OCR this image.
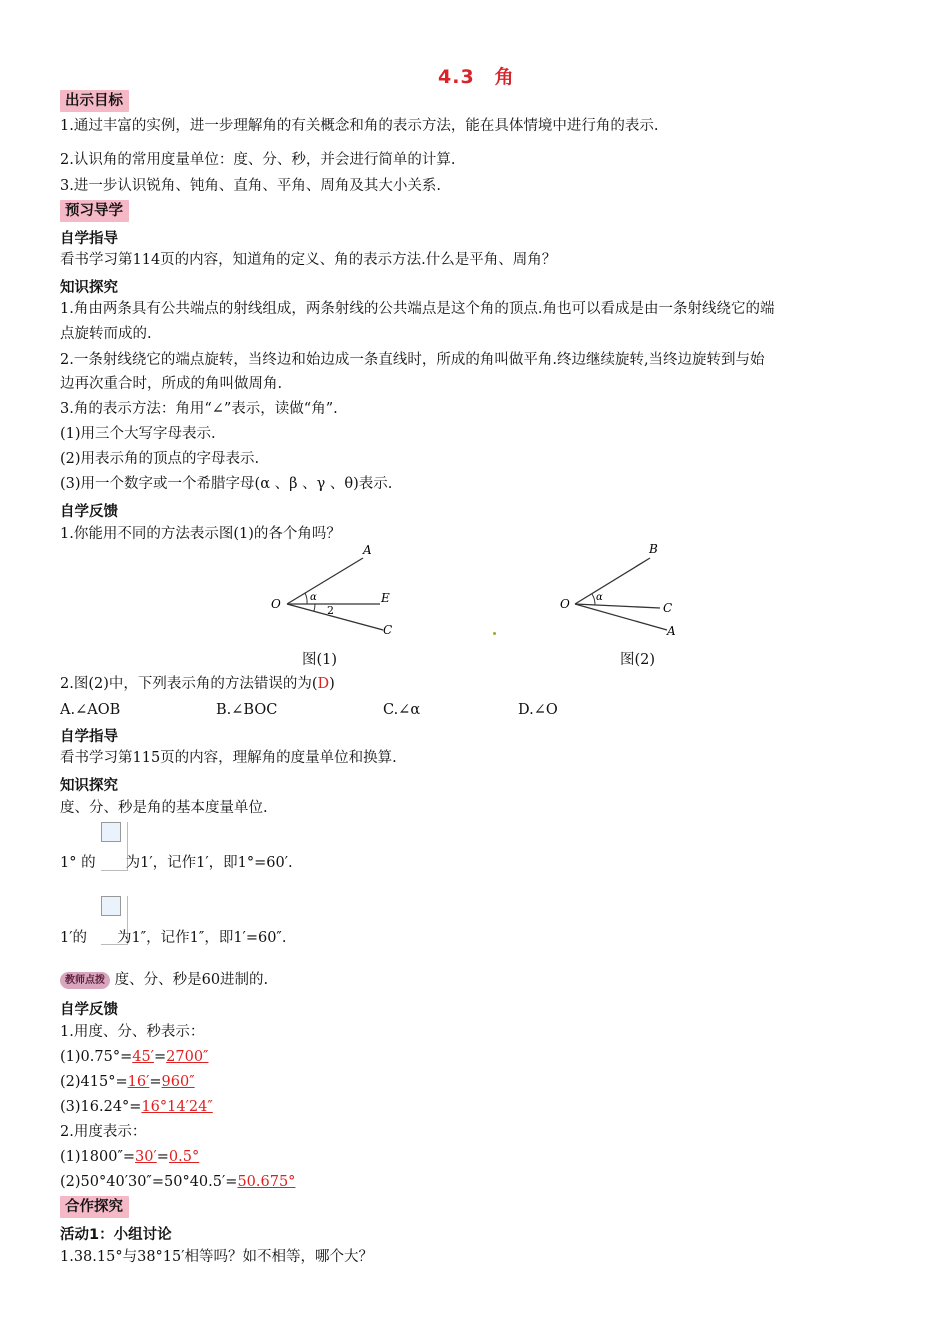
4.3　角
出示目标
1.通过丰富的实例，进一步理解角的有关概念和角的表示方法，能在具体情境中进行角的表示.
2.认识角的常用度量单位：度、分、秒，并会进行简单的计算.
3.进一步认识锐角、钝角、直角、平角、周角及其大小关系.
预习导学
自学指导
看书学习第114页的内容，知道角的定义、角的表示方法.什么是平角、周角？
知识探究
1.角由两条具有公共端点的射线组成，两条射线的公共端点是这个角的顶点.角也可以看成是由一条射线绕它的端
点旋转而成的.
2.一条射线绕它的端点旋转，当终边和始边成一条直线时，所成的角叫做平角.终边继续旋转,当终边旋转到与始
边再次重合时，所成的角叫做周角.
3.角的表示方法：角用“∠”表示，读做“角”.
(1)用三个大写字母表示.
(2)用表示角的顶点的字母表示.
(3)用一个数字或一个希腊字母(α 、β 、γ 、θ)表示.
自学反馈
1.你能用不同的方法表示图(1)的各个角吗？
O
A
E
C
α
2
图(1)
O
B
C
A
α
图(2)
2.图(2)中，下列表示角的方法错误的为(D)
A.∠AOB	B.∠BOC	C.∠α	D.∠O
自学指导
看书学习第115页的内容，理解角的度量单位和换算.
知识探究
度、分、秒是角的基本度量单位.
1° 的 为1′，记作1′，即1°=60′.
1′的 为1″，记作1″，即1′=60″.
教师点拨 度、分、秒是60进制的.
自学反馈
1.用度、分、秒表示：
(1)0.75°=45′=2700″
(2)415°=16′=960″
(3)16.24°=16°14′24″
2.用度表示：
(1)1800″=30′=0.5°
(2)50°40′30″=50°40.5′=50.675°
合作探究
活动1：小组讨论
1.38.15°与38°15′相等吗？如不相等，哪个大？
